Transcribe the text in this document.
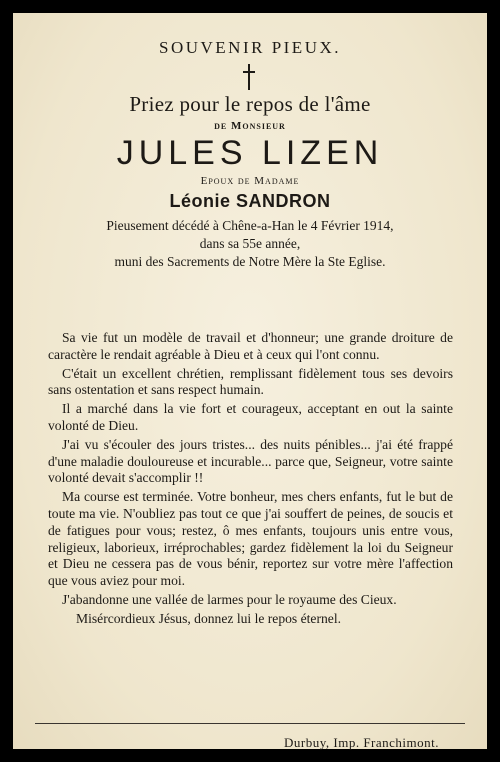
SOUVENIR PIEUX.
Priez pour le repos de l'âme
de Monsieur
JULES LIZEN
Epoux de Madame
Léonie SANDRON
Pieusement décédé à Chêne-a-Han le 4 Février 1914,
dans sa 55e année,
muni des Sacrements de Notre Mère la Ste Eglise.

Sa vie fut un modèle de travail et d'honneur; une grande droiture de caractère le rendait agréable à Dieu et à ceux qui l'ont connu.

C'était un excellent chrétien, remplissant fidèlement tous ses devoirs sans ostentation et sans respect humain.

Il a marché dans la vie fort et courageux, acceptant en out la sainte volonté de Dieu.

J'ai vu s'écouler des jours tristes... des nuits pénibles... j'ai été frappé d'une maladie douloureuse et incurable... parce que, Seigneur, votre sainte volonté devait s'accomplir !!

Ma course est terminée. Votre bonheur, mes chers enfants, fut le but de toute ma vie. N'oubliez pas tout ce que j'ai souffert de peines, de soucis et de fatigues pour vous; restez, ô mes enfants, toujours unis entre vous, religieux, laborieux, irréprochables; gardez fidèlement la loi du Seigneur et Dieu ne cessera pas de vous bénir, reportez sur votre mère l'affection que vous aviez pour moi.

J'abandonne une vallée de larmes pour le royaume des Cieux.

Misércordieux Jésus, donnez lui le repos éternel.

Durbuy, Imp. Franchimont.
